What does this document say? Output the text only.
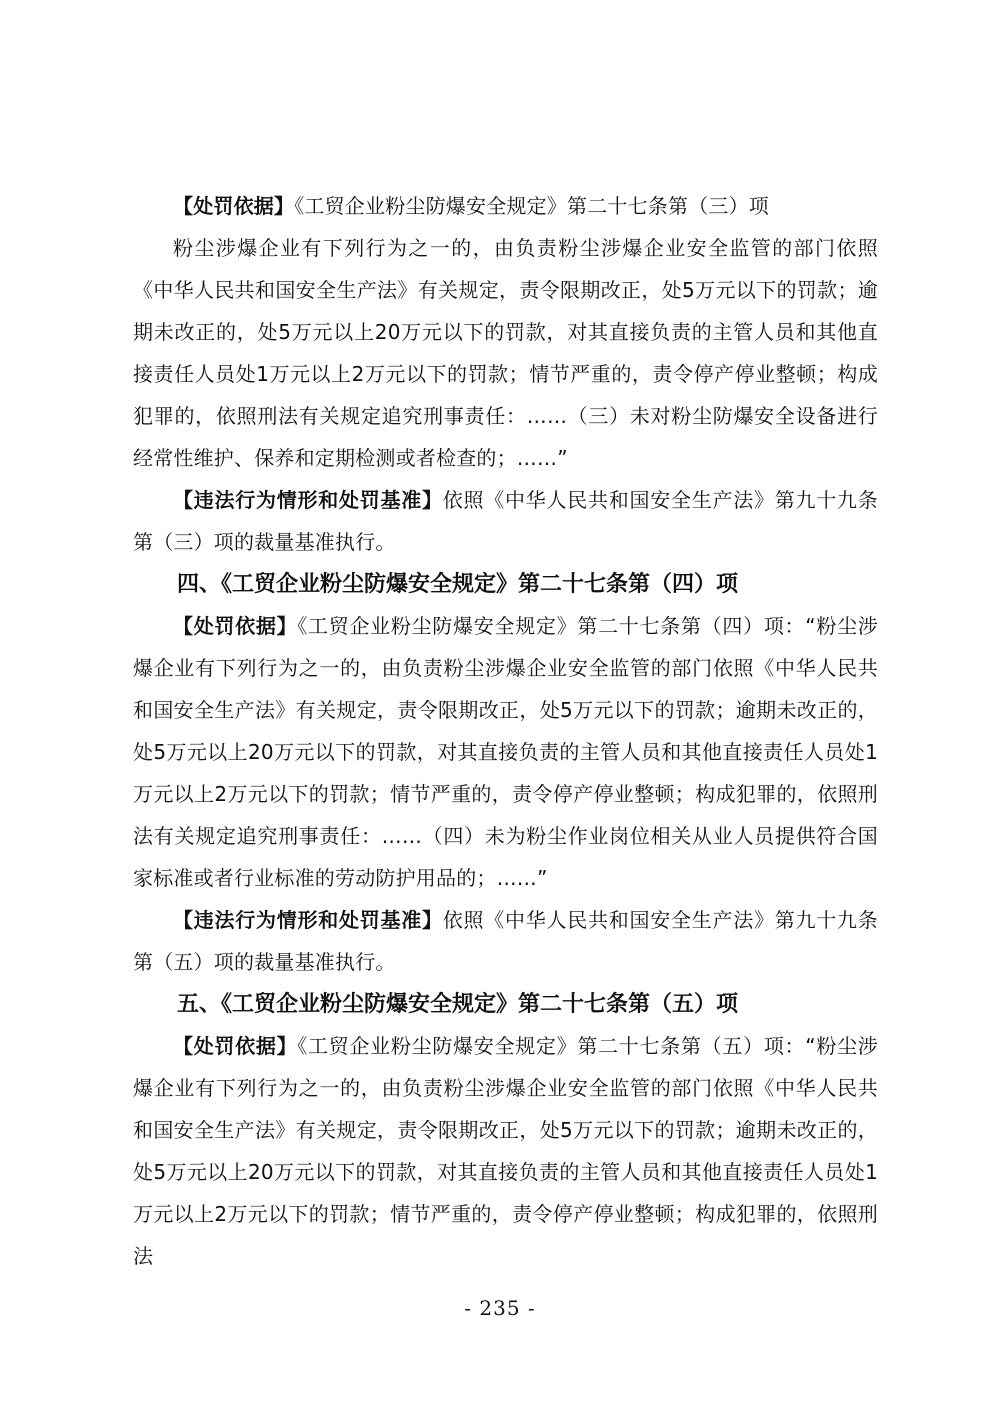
【处罚依据】《工贸企业粉尘防爆安全规定》第二十七条第（三）项

粉尘涉爆企业有下列行为之一的，由负责粉尘涉爆企业安全监管的部门依照《中华人民共和国安全生产法》有关规定，责令限期改正，处5万元以下的罚款；逾期未改正的，处5万元以上20万元以下的罚款，对其直接负责的主管人员和其他直接责任人员处1万元以上2万元以下的罚款；情节严重的，责令停产停业整顿；构成犯罪的，依照刑法有关规定追究刑事责任：……（三）未对粉尘防爆安全设备进行经常性维护、保养和定期检测或者检查的；……”

【违法行为情形和处罚基准】依照《中华人民共和国安全生产法》第九十九条第（三）项的裁量基准执行。

四、《工贸企业粉尘防爆安全规定》第二十七条第（四）项

【处罚依据】《工贸企业粉尘防爆安全规定》第二十七条第（四）项：“粉尘涉爆企业有下列行为之一的，由负责粉尘涉爆企业安全监管的部门依照《中华人民共和国安全生产法》有关规定，责令限期改正，处5万元以下的罚款；逾期未改正的，处5万元以上20万元以下的罚款，对其直接负责的主管人员和其他直接责任人员处1万元以上2万元以下的罚款；情节严重的，责令停产停业整顿；构成犯罪的，依照刑法有关规定追究刑事责任：……（四）未为粉尘作业岗位相关从业人员提供符合国家标准或者行业标准的劳动防护用品的；……”

【违法行为情形和处罚基准】依照《中华人民共和国安全生产法》第九十九条第（五）项的裁量基准执行。

五、《工贸企业粉尘防爆安全规定》第二十七条第（五）项

【处罚依据】《工贸企业粉尘防爆安全规定》第二十七条第（五）项：“粉尘涉爆企业有下列行为之一的，由负责粉尘涉爆企业安全监管的部门依照《中华人民共和国安全生产法》有关规定，责令限期改正，处5万元以下的罚款；逾期未改正的，处5万元以上20万元以下的罚款，对其直接负责的主管人员和其他直接责任人员处1万元以上2万元以下的罚款；情节严重的，责令停产停业整顿；构成犯罪的，依照刑法

- 235 -
